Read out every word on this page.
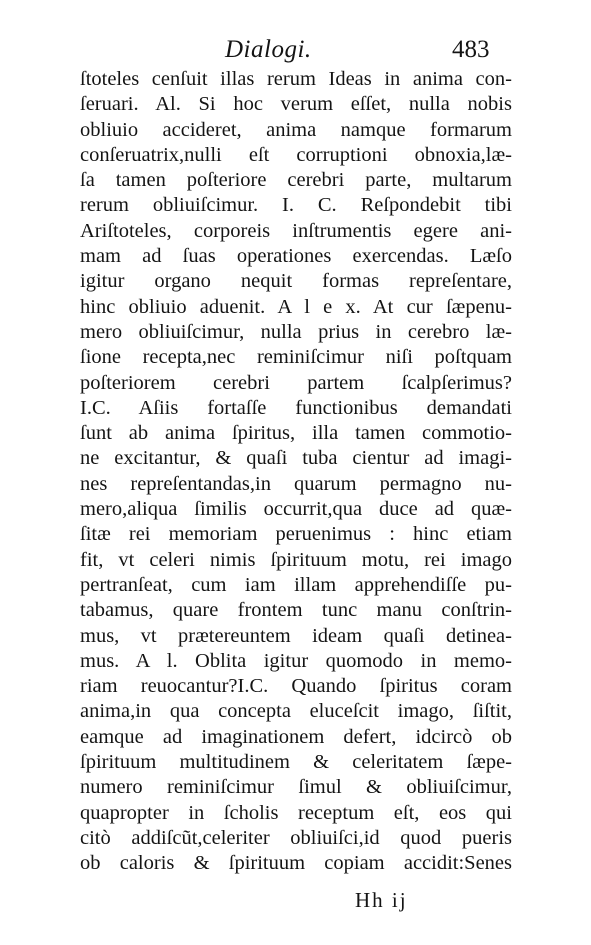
Dialogi.	483
ſtoteles cenſuit illas rerum Ideas in anima con-
ſeruari. Al. Si hoc verum eſſet, nulla nobis
obliuio accideret, anima namque formarum
conſeruatrix,nulli eſt corruptioni obnoxia,læ-
ſa tamen poſteriore cerebri parte, multarum
rerum obliuiſcimur. I. C. Reſpondebit tibi
Ariſtoteles, corporeis inſtrumentis egere ani-
mam ad ſuas operationes exercendas. Læſo
igitur organo nequit formas repreſentare,
hinc obliuio aduenit. A l e x. At cur ſæpenu-
mero obliuiſcimur, nulla prius in cerebro læ-
ſione recepta,nec reminiſcimur niſi poſtquam
poſteriorem cerebri partem ſcalpſerimus?
I.C. Aſiis fortaſſe functionibus demandati
ſunt ab anima ſpiritus, illa tamen commotio-
ne excitantur, & quaſi tuba cientur ad imagi-
nes repreſentandas,in quarum permagno nu-
mero,aliqua ſimilis occurrit,qua duce ad quæ-
ſitæ rei memoriam peruenimus : hinc etiam
fit, vt celeri nimis ſpirituum motu, rei imago
pertranſeat, cum iam illam apprehendiſſe pu-
tabamus, quare frontem tunc manu conſtrin-
mus, vt prætereuntem ideam quaſi detinea-
mus. A l. Oblita igitur quomodo in memo-
riam reuocantur?I.C. Quando ſpiritus coram
anima,in qua concepta eluceſcit imago, ſiſtit,
eamque ad imaginationem defert, idcircò ob
ſpirituum multitudinem & celeritatem ſæpe-
numero reminiſcimur ſimul & obliuiſcimur,
quapropter in ſcholis receptum eſt, eos qui
citò addiſcũt,celeriter obliuiſci,id quod pueris
ob caloris & ſpirituum copiam accidit:Senes
Hh ij
